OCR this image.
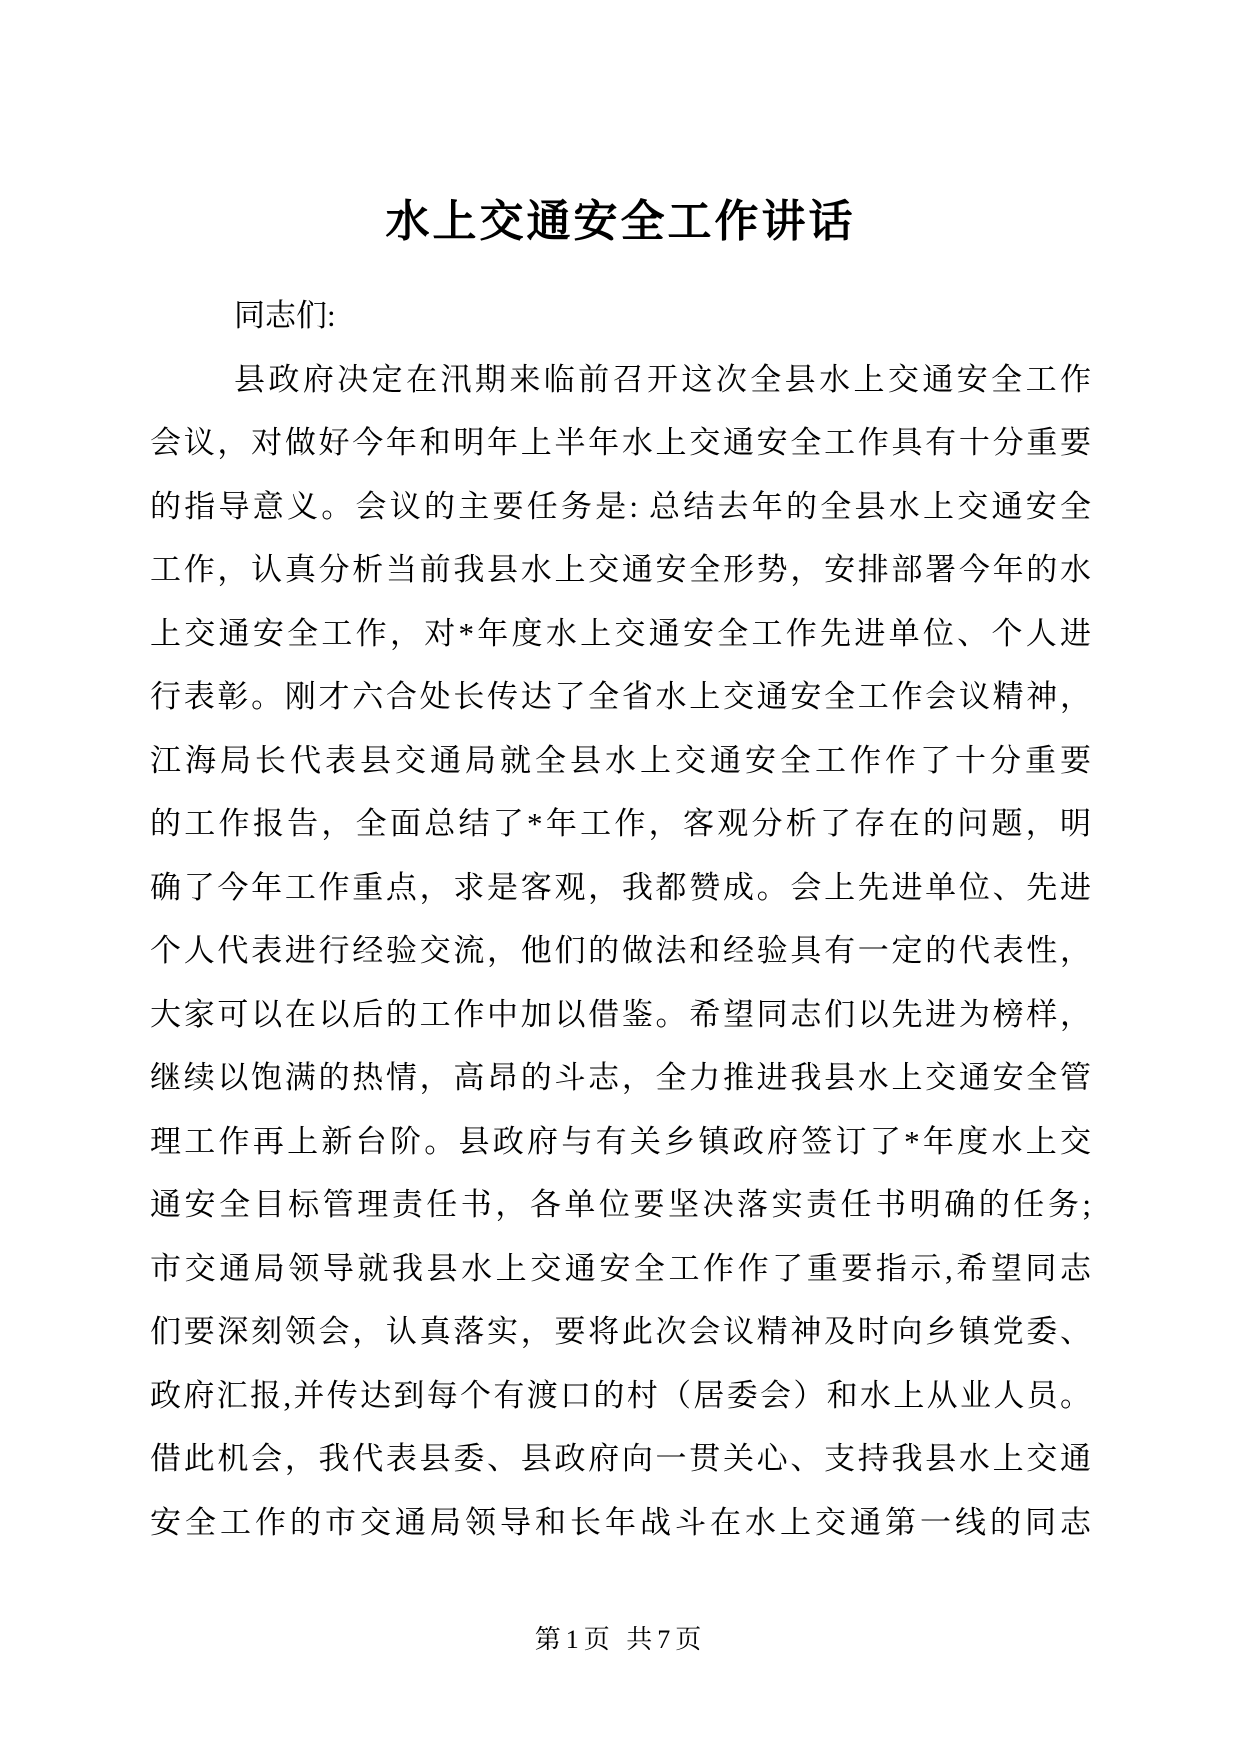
水上交通安全工作讲话
同志们:
县政府决定在汛期来临前召开这次全县水上交通安全工作
会议，对做好今年和明年上半年水上交通安全工作具有十分重要
的指导意义。会议的主要任务是: 总结去年的全县水上交通安全
工作，认真分析当前我县水上交通安全形势，安排部署今年的水
上交通安全工作，对*年度水上交通安全工作先进单位、个人进
行表彰。刚才六合处长传达了全省水上交通安全工作会议精神，
江海局长代表县交通局就全县水上交通安全工作作了十分重要
的工作报告，全面总结了*年工作，客观分析了存在的问题，明
确了今年工作重点，求是客观，我都赞成。会上先进单位、先进
个人代表进行经验交流，他们的做法和经验具有一定的代表性，
大家可以在以后的工作中加以借鉴。希望同志们以先进为榜样，
继续以饱满的热情，高昂的斗志，全力推进我县水上交通安全管
理工作再上新台阶。县政府与有关乡镇政府签订了*年度水上交
通安全目标管理责任书，各单位要坚决落实责任书明确的任务;
市交通局领导就我县水上交通安全工作作了重要指示,希望同志
们要深刻领会，认真落实，要将此次会议精神及时向乡镇党委、
政府汇报,并传达到每个有渡口的村（居委会）和水上从业人员。
借此机会，我代表县委、县政府向一贯关心、支持我县水上交通
安全工作的市交通局领导和长年战斗在水上交通第一线的同志
第1页 共7页
